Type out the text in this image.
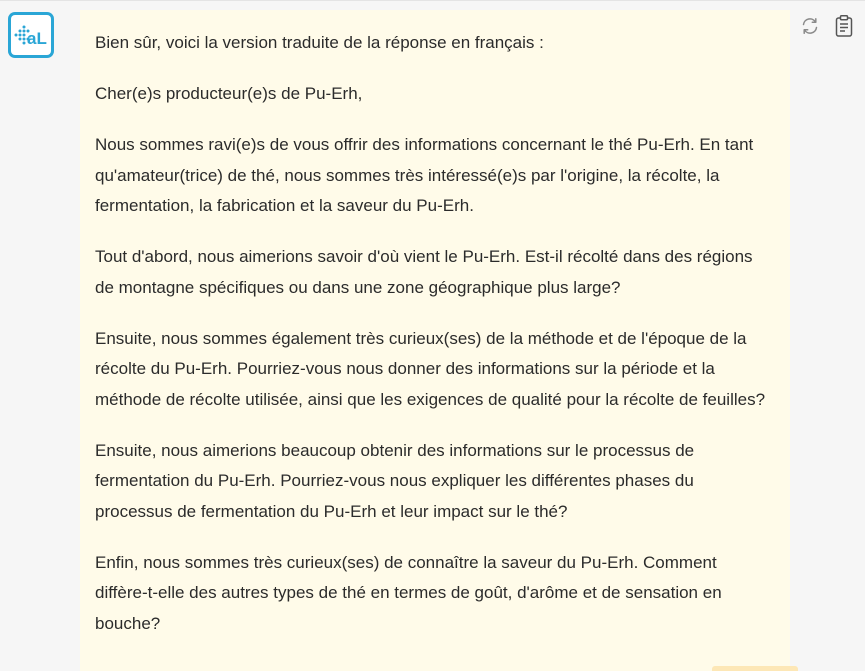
aL	Bien sûr, voici la version traduite de la réponse en français :

Cher(e)s producteur(e)s de Pu-Erh,

Nous sommes ravi(e)s de vous offrir des informations concernant le thé Pu-Erh. En tant qu'amateur(trice) de thé, nous sommes très intéressé(e)s par l'origine, la récolte, la fermentation, la fabrication et la saveur du Pu-Erh.

Tout d'abord, nous aimerions savoir d'où vient le Pu-Erh. Est-il récolté dans des régions de montagne spécifiques ou dans une zone géographique plus large?

Ensuite, nous sommes également très curieux(ses) de la méthode et de l'époque de la récolte du Pu-Erh. Pourriez-vous nous donner des informations sur la période et la méthode de récolte utilisée, ainsi que les exigences de qualité pour la récolte de feuilles?

Ensuite, nous aimerions beaucoup obtenir des informations sur le processus de fermentation du Pu-Erh. Pourriez-vous nous expliquer les différentes phases du processus de fermentation du Pu-Erh et leur impact sur le thé?

Enfin, nous sommes très curieux(ses) de connaître la saveur du Pu-Erh. Comment diffère-t-elle des autres types de thé en termes de goût, d'arôme et de sensation en bouche?
